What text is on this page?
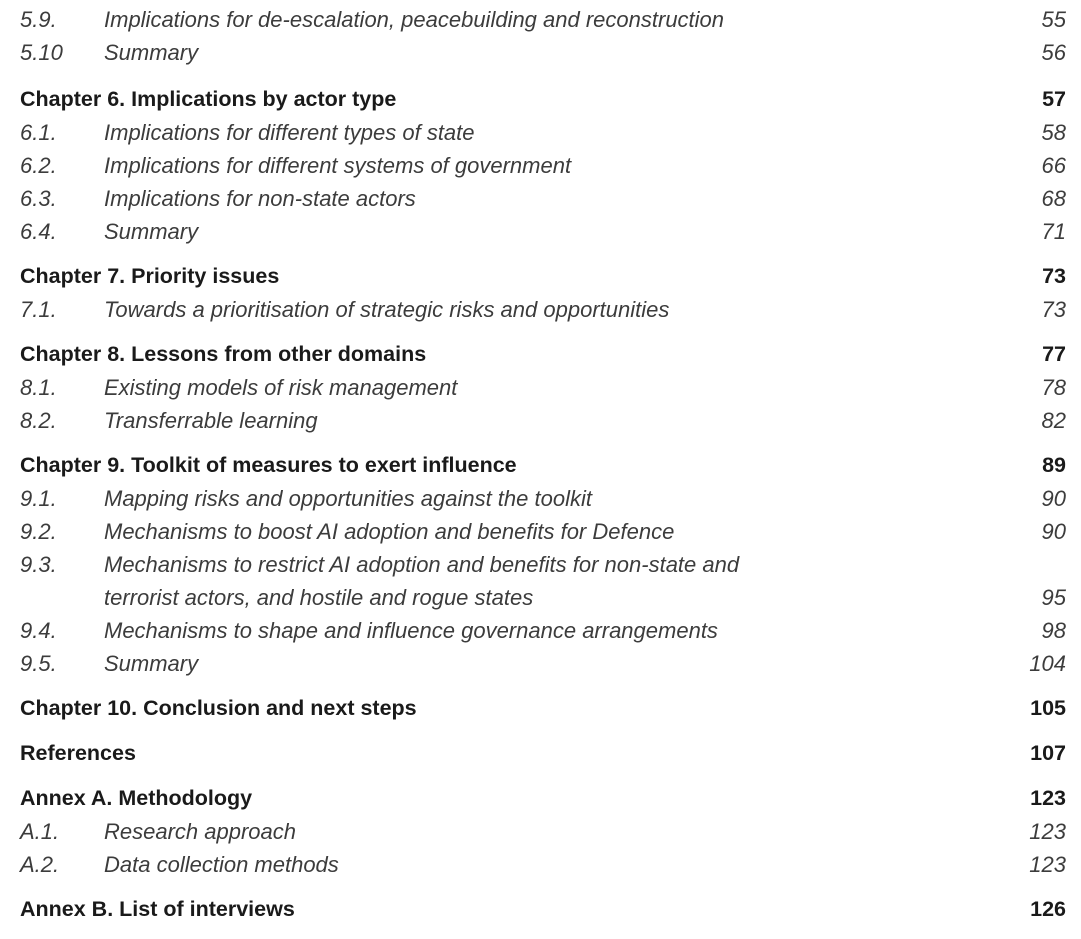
5.9. Implications for de-escalation, peacebuilding and reconstruction	55
5.10 Summary	56
Chapter 6. Implications by actor type	57
6.1. Implications for different types of state	58
6.2. Implications for different systems of government	66
6.3. Implications for non-state actors	68
6.4. Summary	71
Chapter 7. Priority issues	73
7.1. Towards a prioritisation of strategic risks and opportunities	73
Chapter 8. Lessons from other domains	77
8.1. Existing models of risk management	78
8.2. Transferrable learning	82
Chapter 9. Toolkit of measures to exert influence	89
9.1. Mapping risks and opportunities against the toolkit	90
9.2. Mechanisms to boost AI adoption and benefits for Defence	90
9.3. Mechanisms to restrict AI adoption and benefits for non-state and
terrorist actors, and hostile and rogue states	95
9.4. Mechanisms to shape and influence governance arrangements	98
9.5. Summary	104
Chapter 10. Conclusion and next steps	105
References	107
Annex A. Methodology	123
A.1. Research approach	123
A.2. Data collection methods	123
Annex B. List of interviews	126
